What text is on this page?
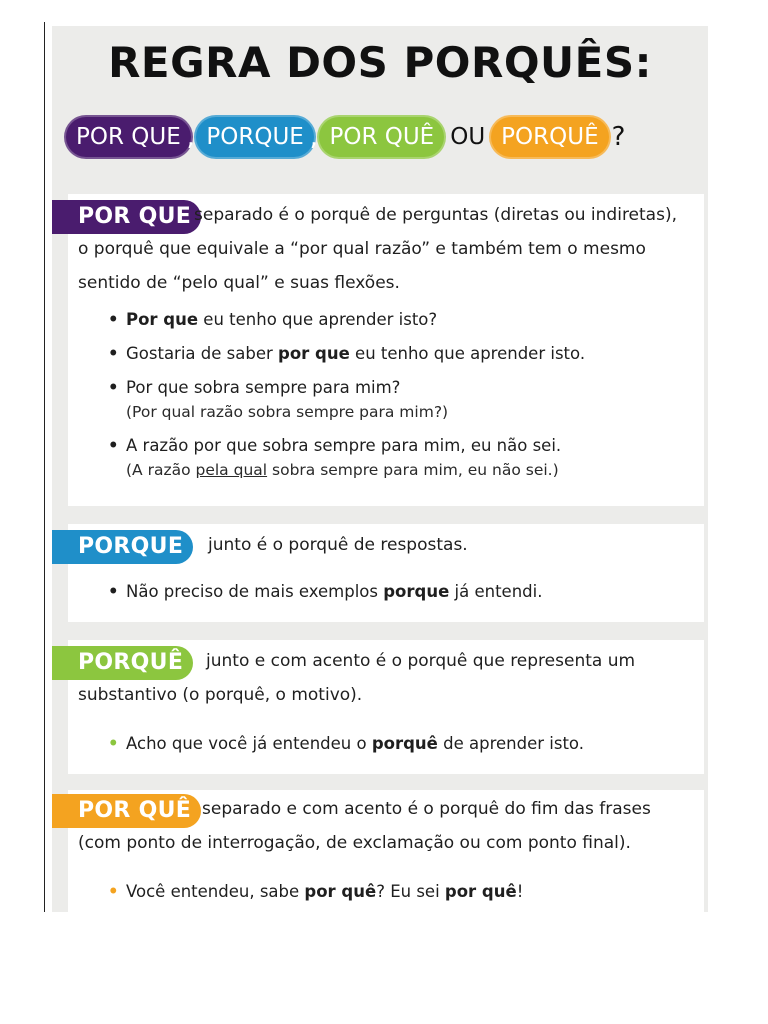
REGRA DOS PORQUÊS:
POR QUE , PORQUE , POR QUÊ OU PORQUÊ ?
POR QUE separado é o porquê de perguntas (diretas ou indiretas), o porquê que equivale a “por qual razão” e também tem o mesmo sentido de “pelo qual” e suas flexões.
• Por que eu tenho que aprender isto?
• Gostaria de saber por que eu tenho que aprender isto.
• Por que sobra sempre para mim?
(Por qual razão sobra sempre para mim?)
• A razão por que sobra sempre para mim, eu não sei.
(A razão pela qual sobra sempre para mim, eu não sei.)
PORQUE	junto é o porquê de respostas.
• Não preciso de mais exemplos porque já entendi.
PORQUÊ	junto e com acento é o porquê que representa um substantivo (o porquê, o motivo).
• Acho que você já entendeu o porquê de aprender isto.
POR QUÊ separado e com acento é o porquê do fim das frases (com ponto de interrogação, de exclamação ou com ponto final).
• Você entendeu, sabe por quê? Eu sei por quê!
